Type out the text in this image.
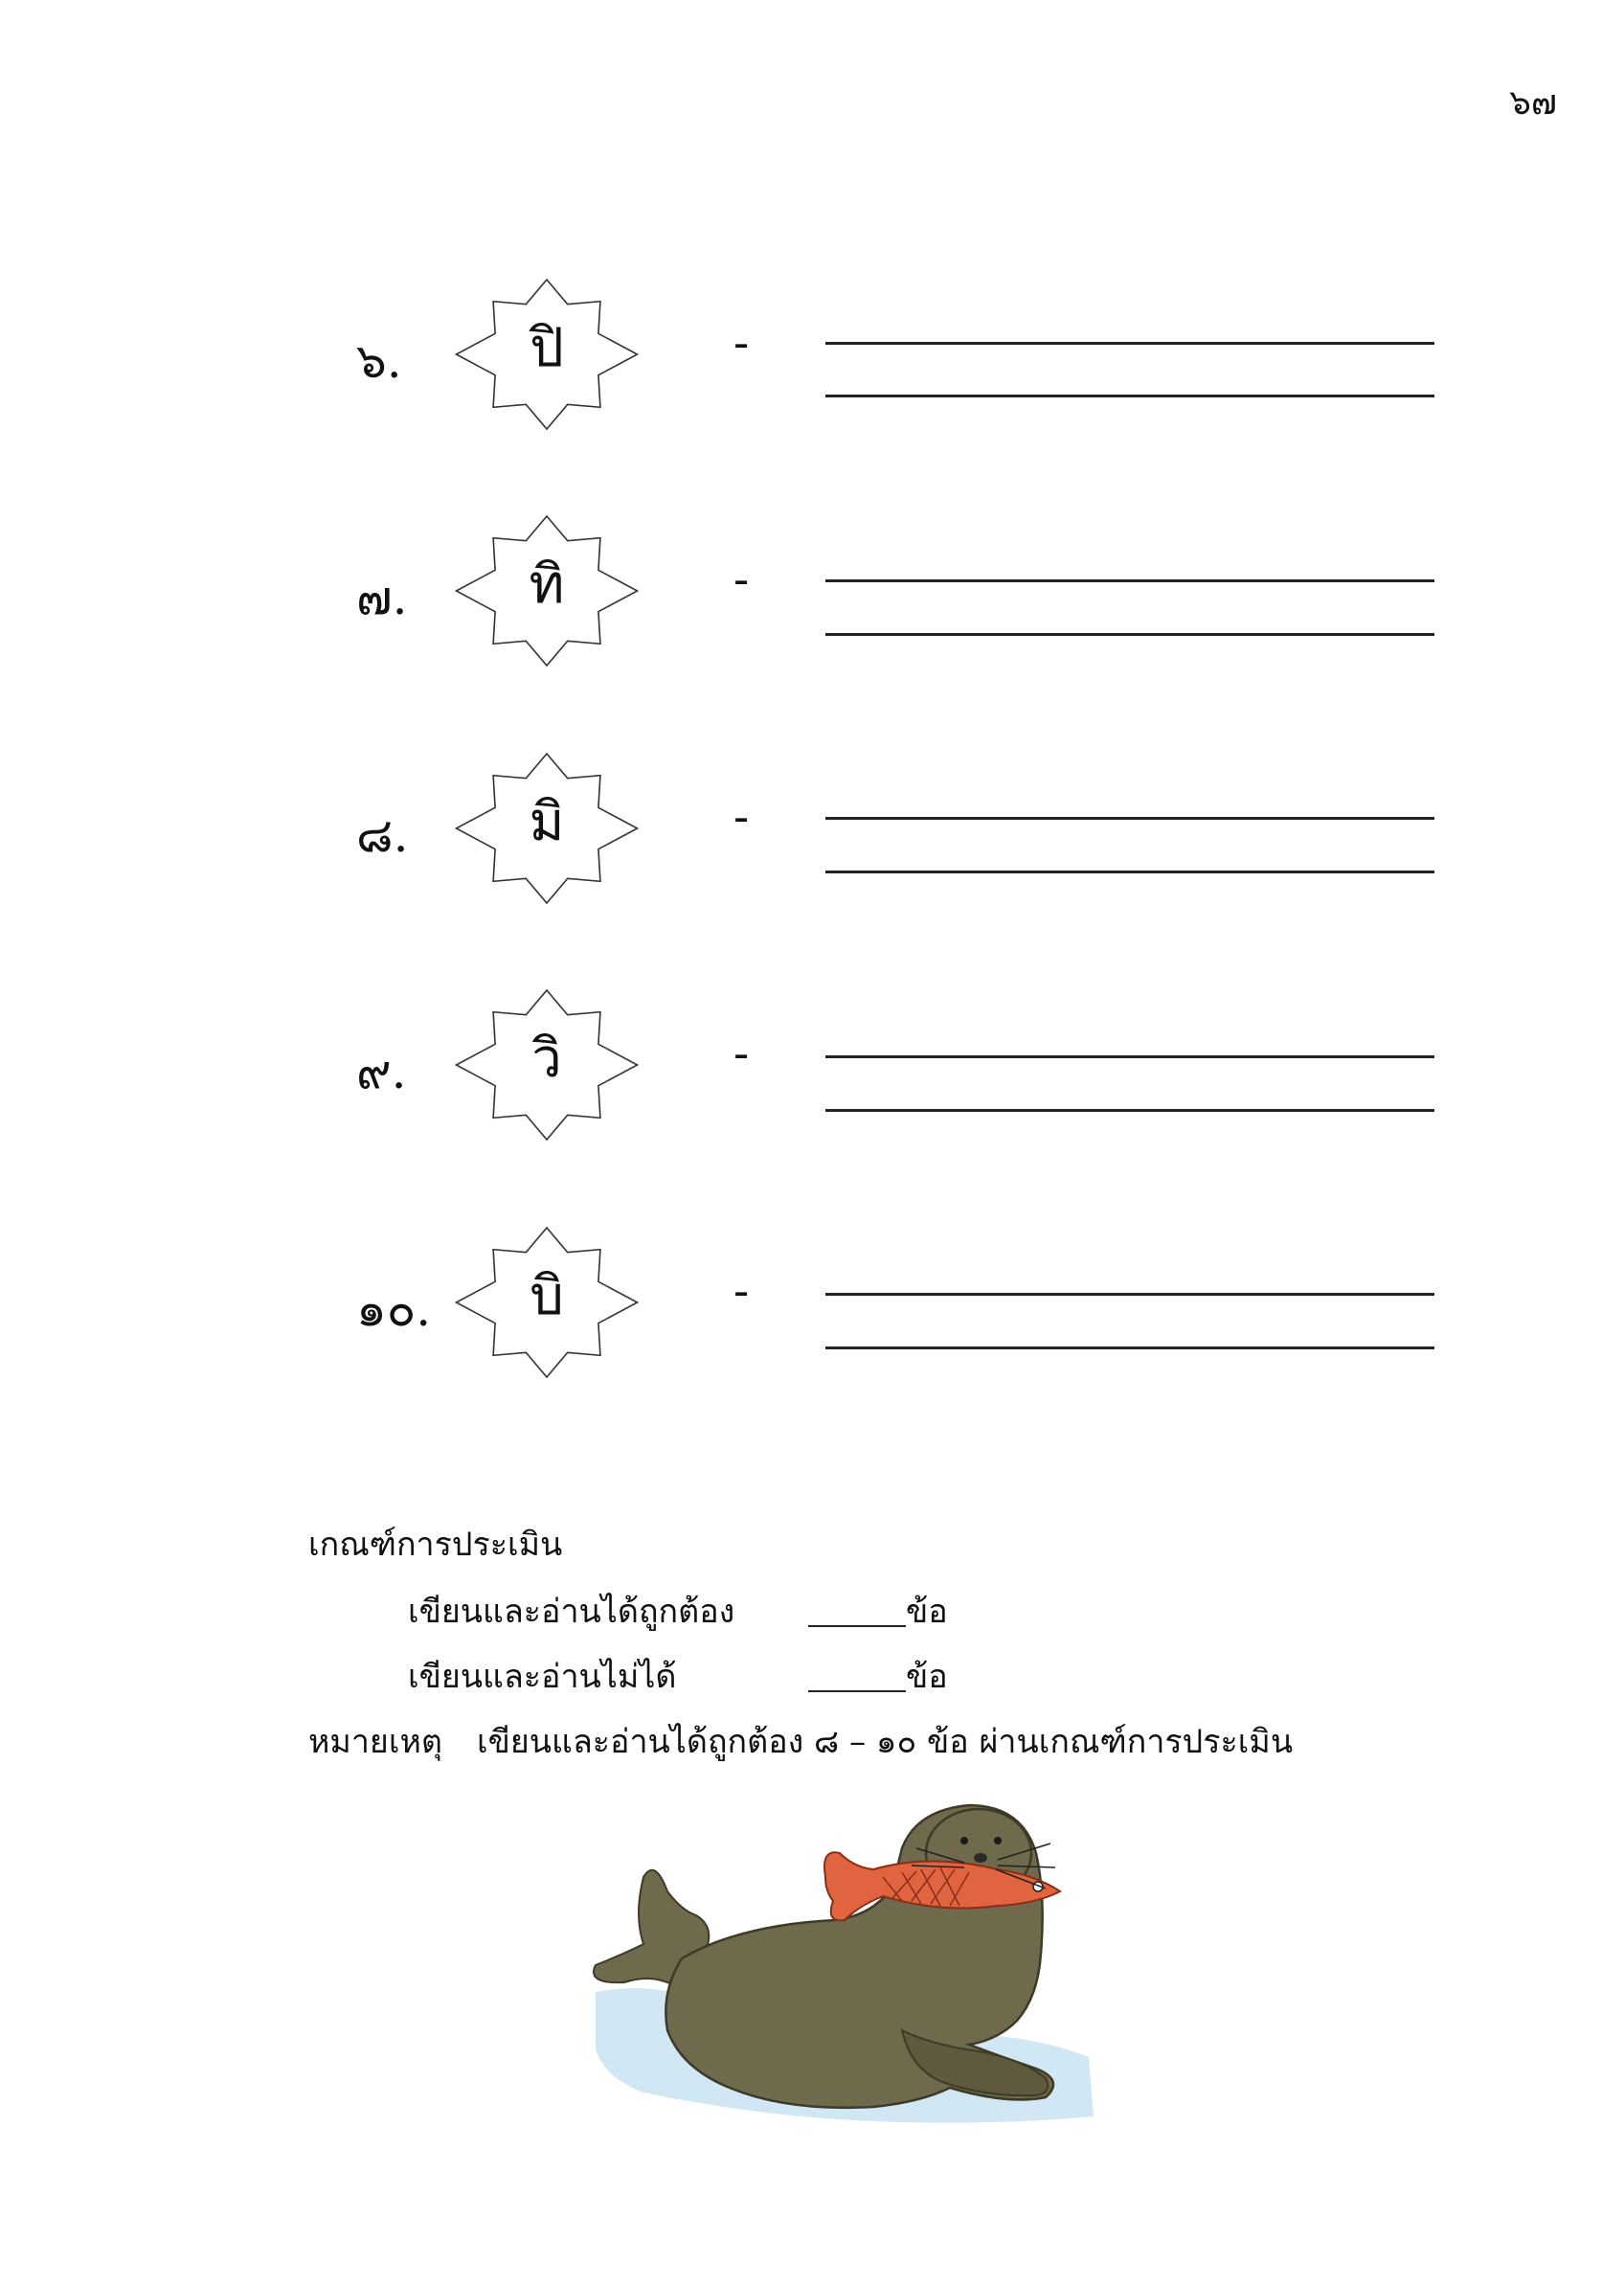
๖๗
๖.	ปิ	-
๗.	ทิ	-
๘.	มิ	-
๙.	วิ	-
๑๐.	บิ	-
เกณฑ์การประเมิน
เขียนและอ่านได้ถูกต้อง	ข้อ
เขียนและอ่านไม่ได้	ข้อ
หมายเหตุ เขียนและอ่านได้ถูกต้อง ๘ – ๑๐ ข้อ ผ่านเกณฑ์การประเมิน
